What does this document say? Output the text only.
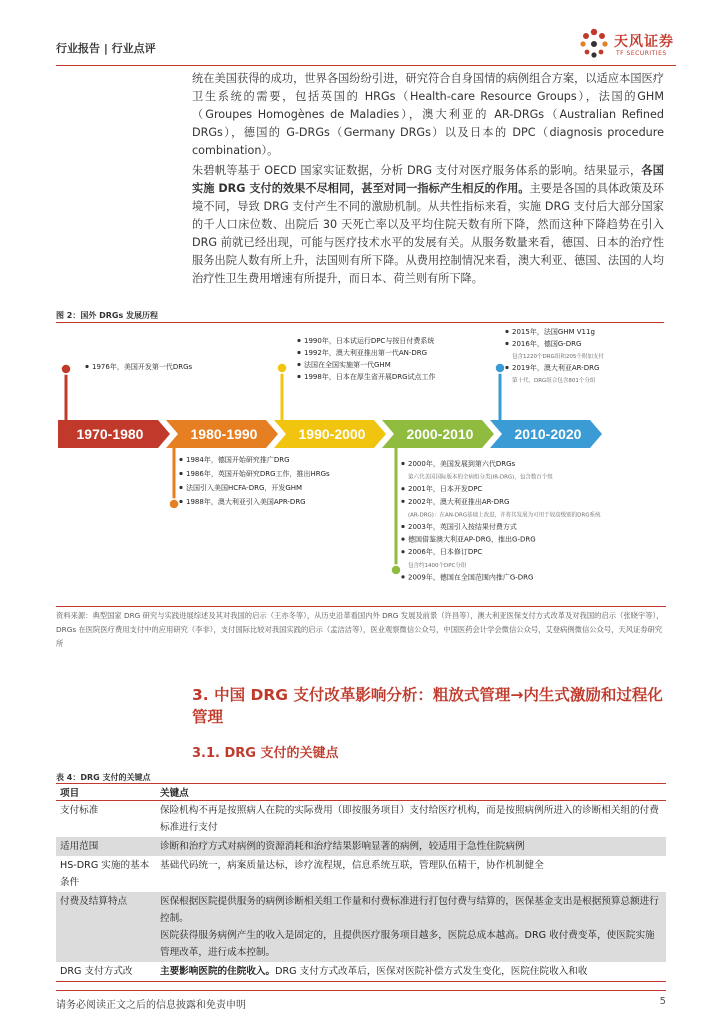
行业报告 | 行业点评	天风证券
TF SECURITIES
统在美国获得的成功，世界各国纷纷引进，研究符合自身国情的病例组合方案，以适应本国医疗卫生系统的需要，包括英国的 HRGs（Health-care Resource Groups），法国的GHM（Groupes Homogènes de Maladies），澳大利亚的 AR-DRGs（Australian Refined DRGs），德国的 G-DRGs（Germany DRGs）以及日本的 DPC（diagnosis procedure combination）。
朱碧帆等基于 OECD 国家实证数据，分析 DRG 支付对医疗服务体系的影响。结果显示，各国实施 DRG 支付的效果不尽相同，甚至对同一指标产生相反的作用。主要是各国的具体政策及环境不同，导致 DRG 支付产生不同的激励机制。从共性指标来看，实施 DRG 支付后大部分国家的千人口床位数、出院后 30 天死亡率以及平均住院天数有所下降，然而这种下降趋势在引入 DRG 前就已经出现，可能与医疗技术水平的发展有关。从服务数量来看，德国、日本的治疗性服务出院人数有所上升，法国则有所下降。从费用控制情况来看，澳大利亚、德国、法国的人均治疗性卫生费用增速有所提升，而日本、荷兰则有所下降。
图 2：国外 DRGs 发展历程
1970-1980	1980-1990	1990-2000	2000-2010	2010-2020
1976年，美国开发第一代DRGs
1990年，日本试运行DPC与按日付费系统
1992年，澳大利亚推出第一代AN-DRG
法国在全国实施第一代GHM
1998年，日本在厚生省开展DRG试点工作
2015年，法国GHM V11g
2016年，德国G-DRG
包含1220个DRG组和205个附加支付
2019年，澳大利亚AR-DRG
第十代，DRG组合包含801个分组
1984年，德国开始研究推广DRG
1986年，英国开始研究DRG工作，推出HRGs
法国引入美国HCFA-DRG，开发GHM
1988年，澳大利亚引入美国APR-DRG
2000年，美国发展到第六代DRGs
第六代美国国际版本的全病组分类(IR-DRG)，包含数百个组
2001年，日本开发DPC
2002年，澳大利亚推出AR-DRG
(AR-DRG)：在AN-DRG基础上改进，并将其发展为可用于较高级别的DRG系统
2003年，英国引入按结果付费方式
德国借鉴澳大利亚AP-DRG，推出G-DRG
2006年，日本修订DPC
包含约1400个DPC分组
2009年，德国在全国范围内推广G-DRG
资料来源：典型国家 DRG 研究与实践进展综述及其对我国的启示（王亦冬等），从历史沿革看国内外 DRG 发展及前景（许昌等），澳大利亚医保支付方式改革及对我国的启示（张晓宇等），DRGs 在医院医疗费用支付中的应用研究（李非），支付国际比较对我国实践的启示（孟洁洁等），医业观察微信公众号，中国医药会计学会微信公众号，艾登病例微信公众号，天风证券研究所
3. 中国 DRG 支付改革影响分析：粗放式管理→内生式激励和过程化管理
3.1. DRG 支付的关键点
表 4：DRG 支付的关键点
项目	关键点
支付标准	保险机构不再是按照病人在院的实际费用（即按服务项目）支付给医疗机构，而是按照病例所进入的诊断相关组的付费标准进行支付
适用范围	诊断和治疗方式对病例的资源消耗和治疗结果影响显著的病例，较适用于急性住院病例
HS-DRG 实施的基本条件	基础代码统一，病案质量达标，诊疗流程规，信息系统互联，管理队伍精干，协作机制健全
付费及结算特点	医保根据医院提供服务的病例诊断相关组工作量和付费标准进行打包付费与结算的，医保基金支出是根据预算总额进行控制。
医院获得服务病例产生的收入是固定的，且提供医疗服务项目越多，医院总成本越高。DRG 收付费变革，使医院实施管理改革，进行成本控制。

DRG 支付方式改	主要影响医院的住院收入。DRG 支付方式改革后，医保对医院补偿方式发生变化，医院住院收入和收
请务必阅读正文之后的信息披露和免责申明	5
